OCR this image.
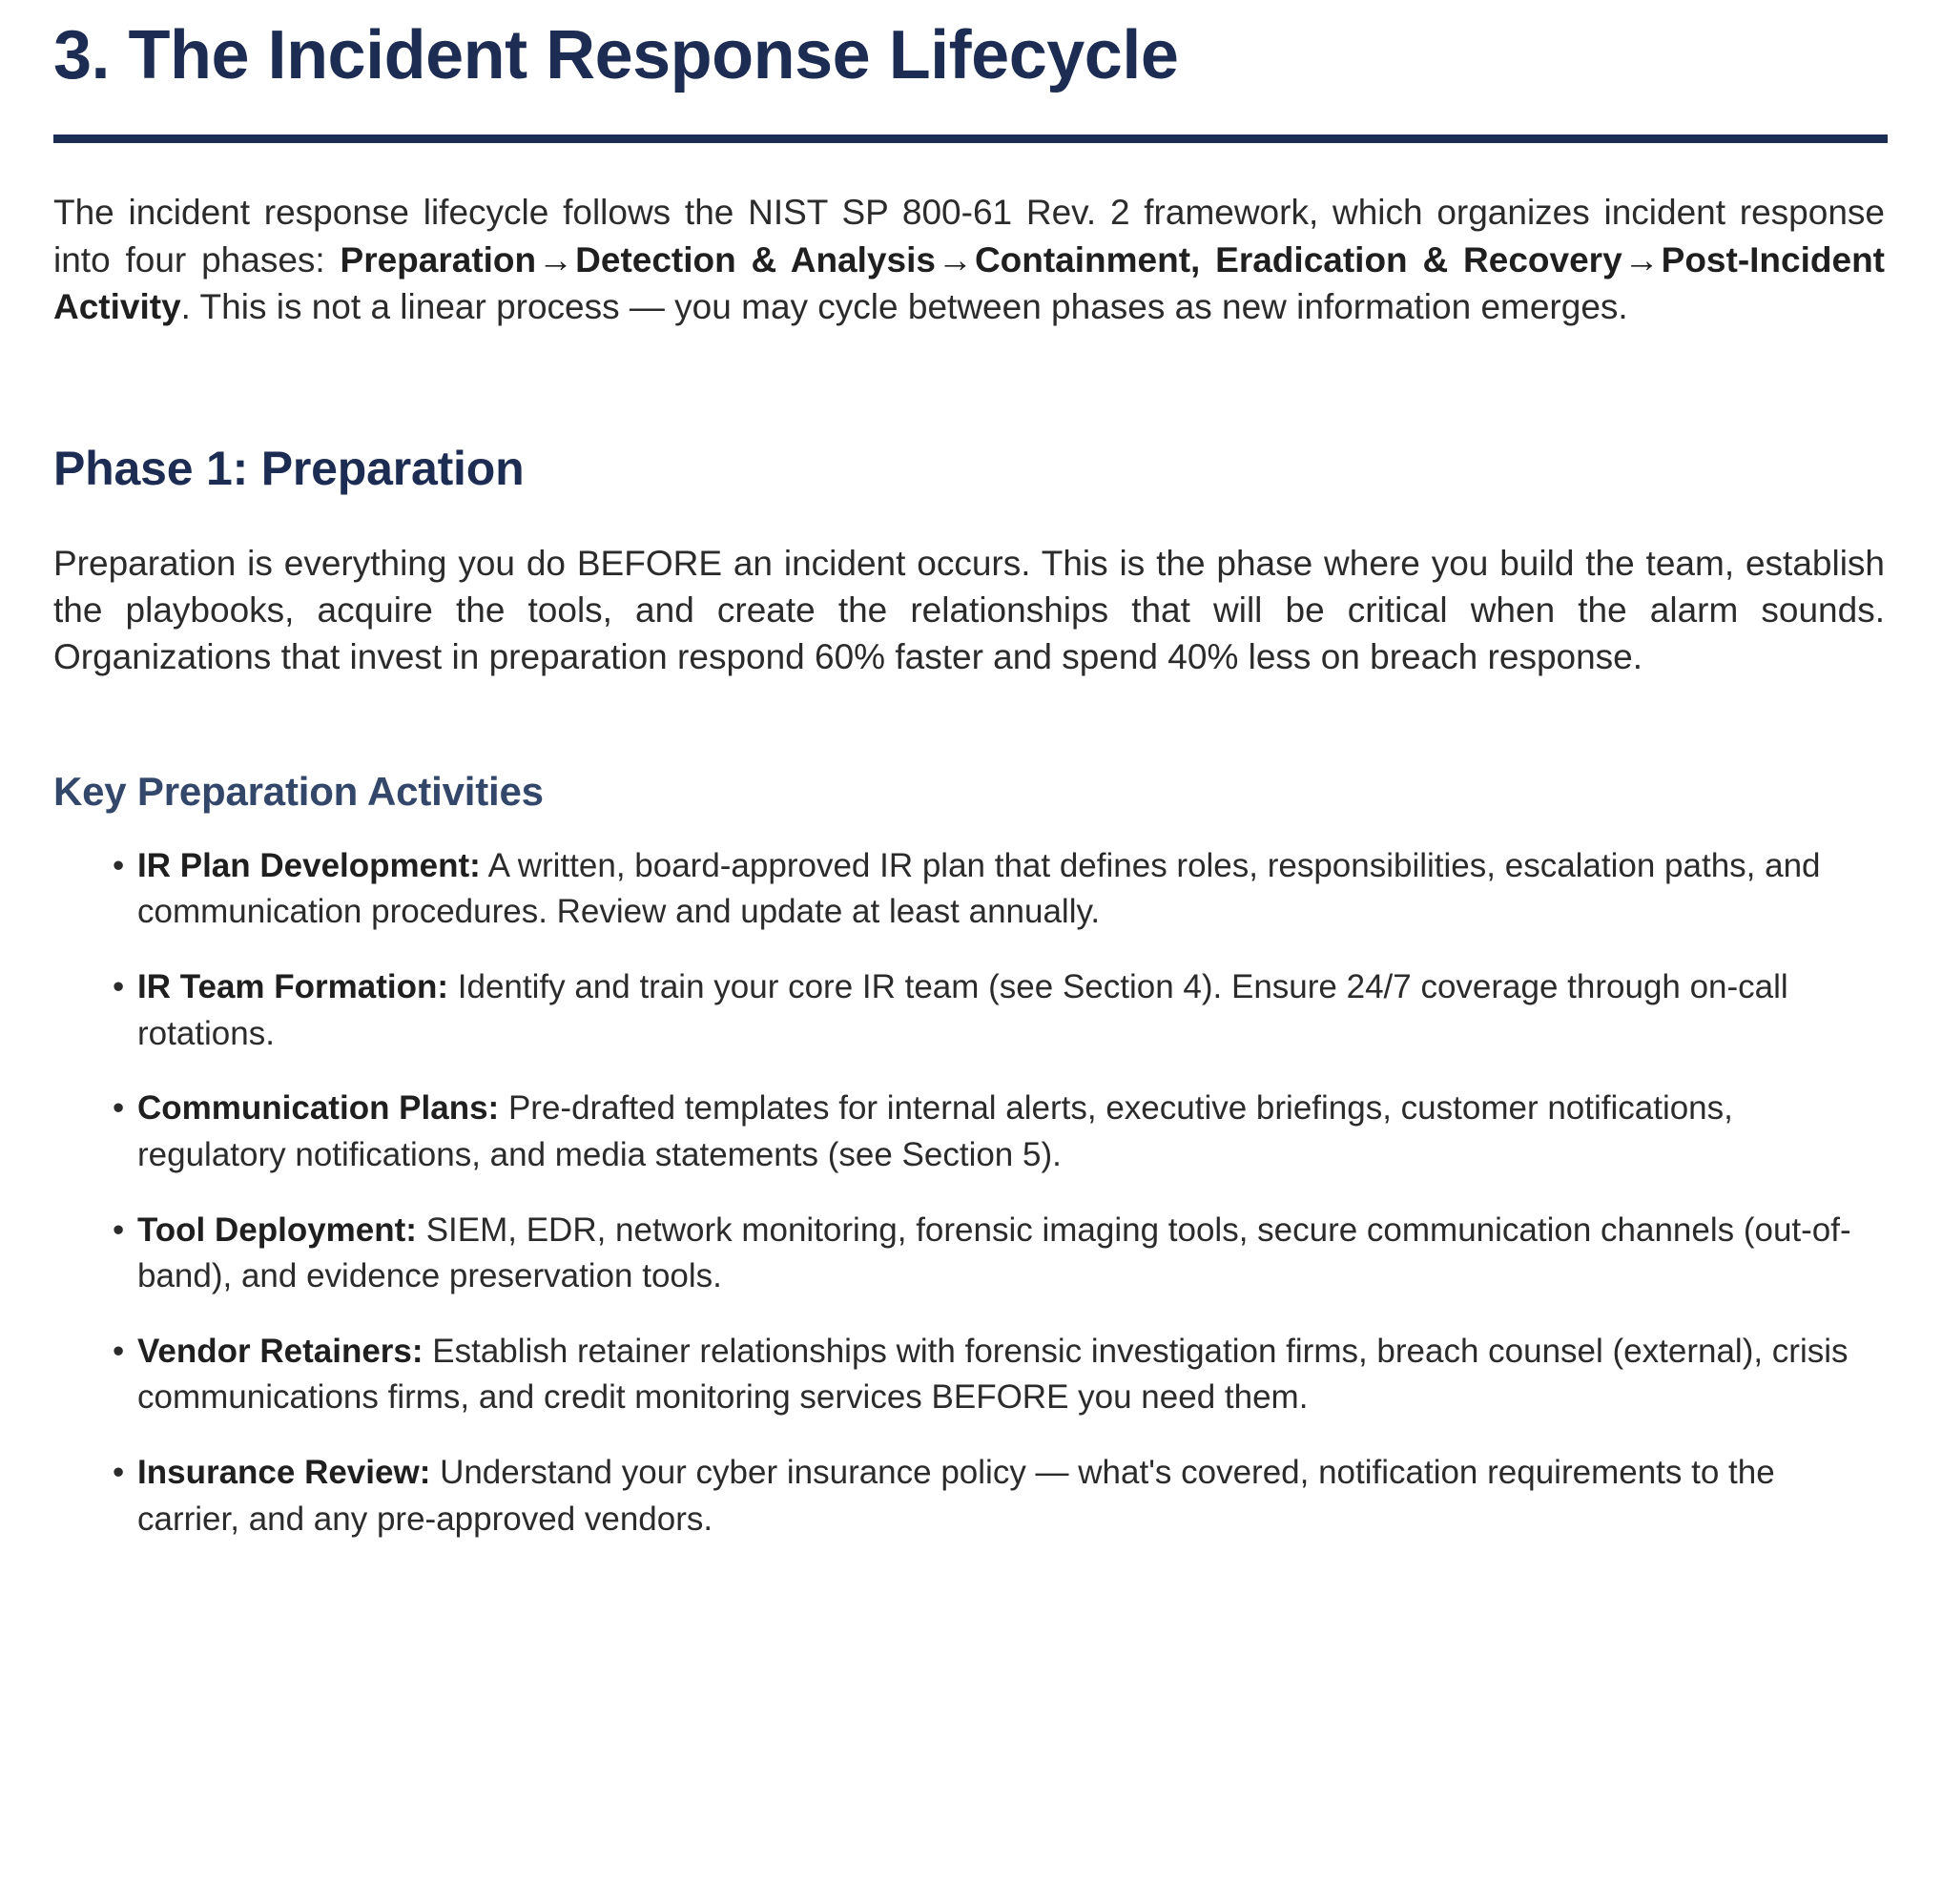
3. The Incident Response Lifecycle

The incident response lifecycle follows the NIST SP 800-61 Rev. 2 framework, which organizes incident response into four phases: Preparation→Detection & Analysis→Containment, Eradication & Recovery→Post-Incident Activity. This is not a linear process — you may cycle between phases as new information emerges.

Phase 1: Preparation

Preparation is everything you do BEFORE an incident occurs. This is the phase where you build the team, establish the playbooks, acquire the tools, and create the relationships that will be critical when the alarm sounds. Organizations that invest in preparation respond 60% faster and spend 40% less on breach response.

Key Preparation Activities
• IR Plan Development: A written, board-approved IR plan that defines roles, responsibilities, escalation paths, and communication procedures. Review and update at least annually.
• IR Team Formation: Identify and train your core IR team (see Section 4). Ensure 24/7 coverage through on-call rotations.
• Communication Plans: Pre-drafted templates for internal alerts, executive briefings, customer notifications, regulatory notifications, and media statements (see Section 5).
• Tool Deployment: SIEM, EDR, network monitoring, forensic imaging tools, secure communication channels (out-of-band), and evidence preservation tools.
• Vendor Retainers: Establish retainer relationships with forensic investigation firms, breach counsel (external), crisis communications firms, and credit monitoring services BEFORE you need them.
• Insurance Review: Understand your cyber insurance policy — what's covered, notification requirements to the carrier, and any pre-approved vendors.
